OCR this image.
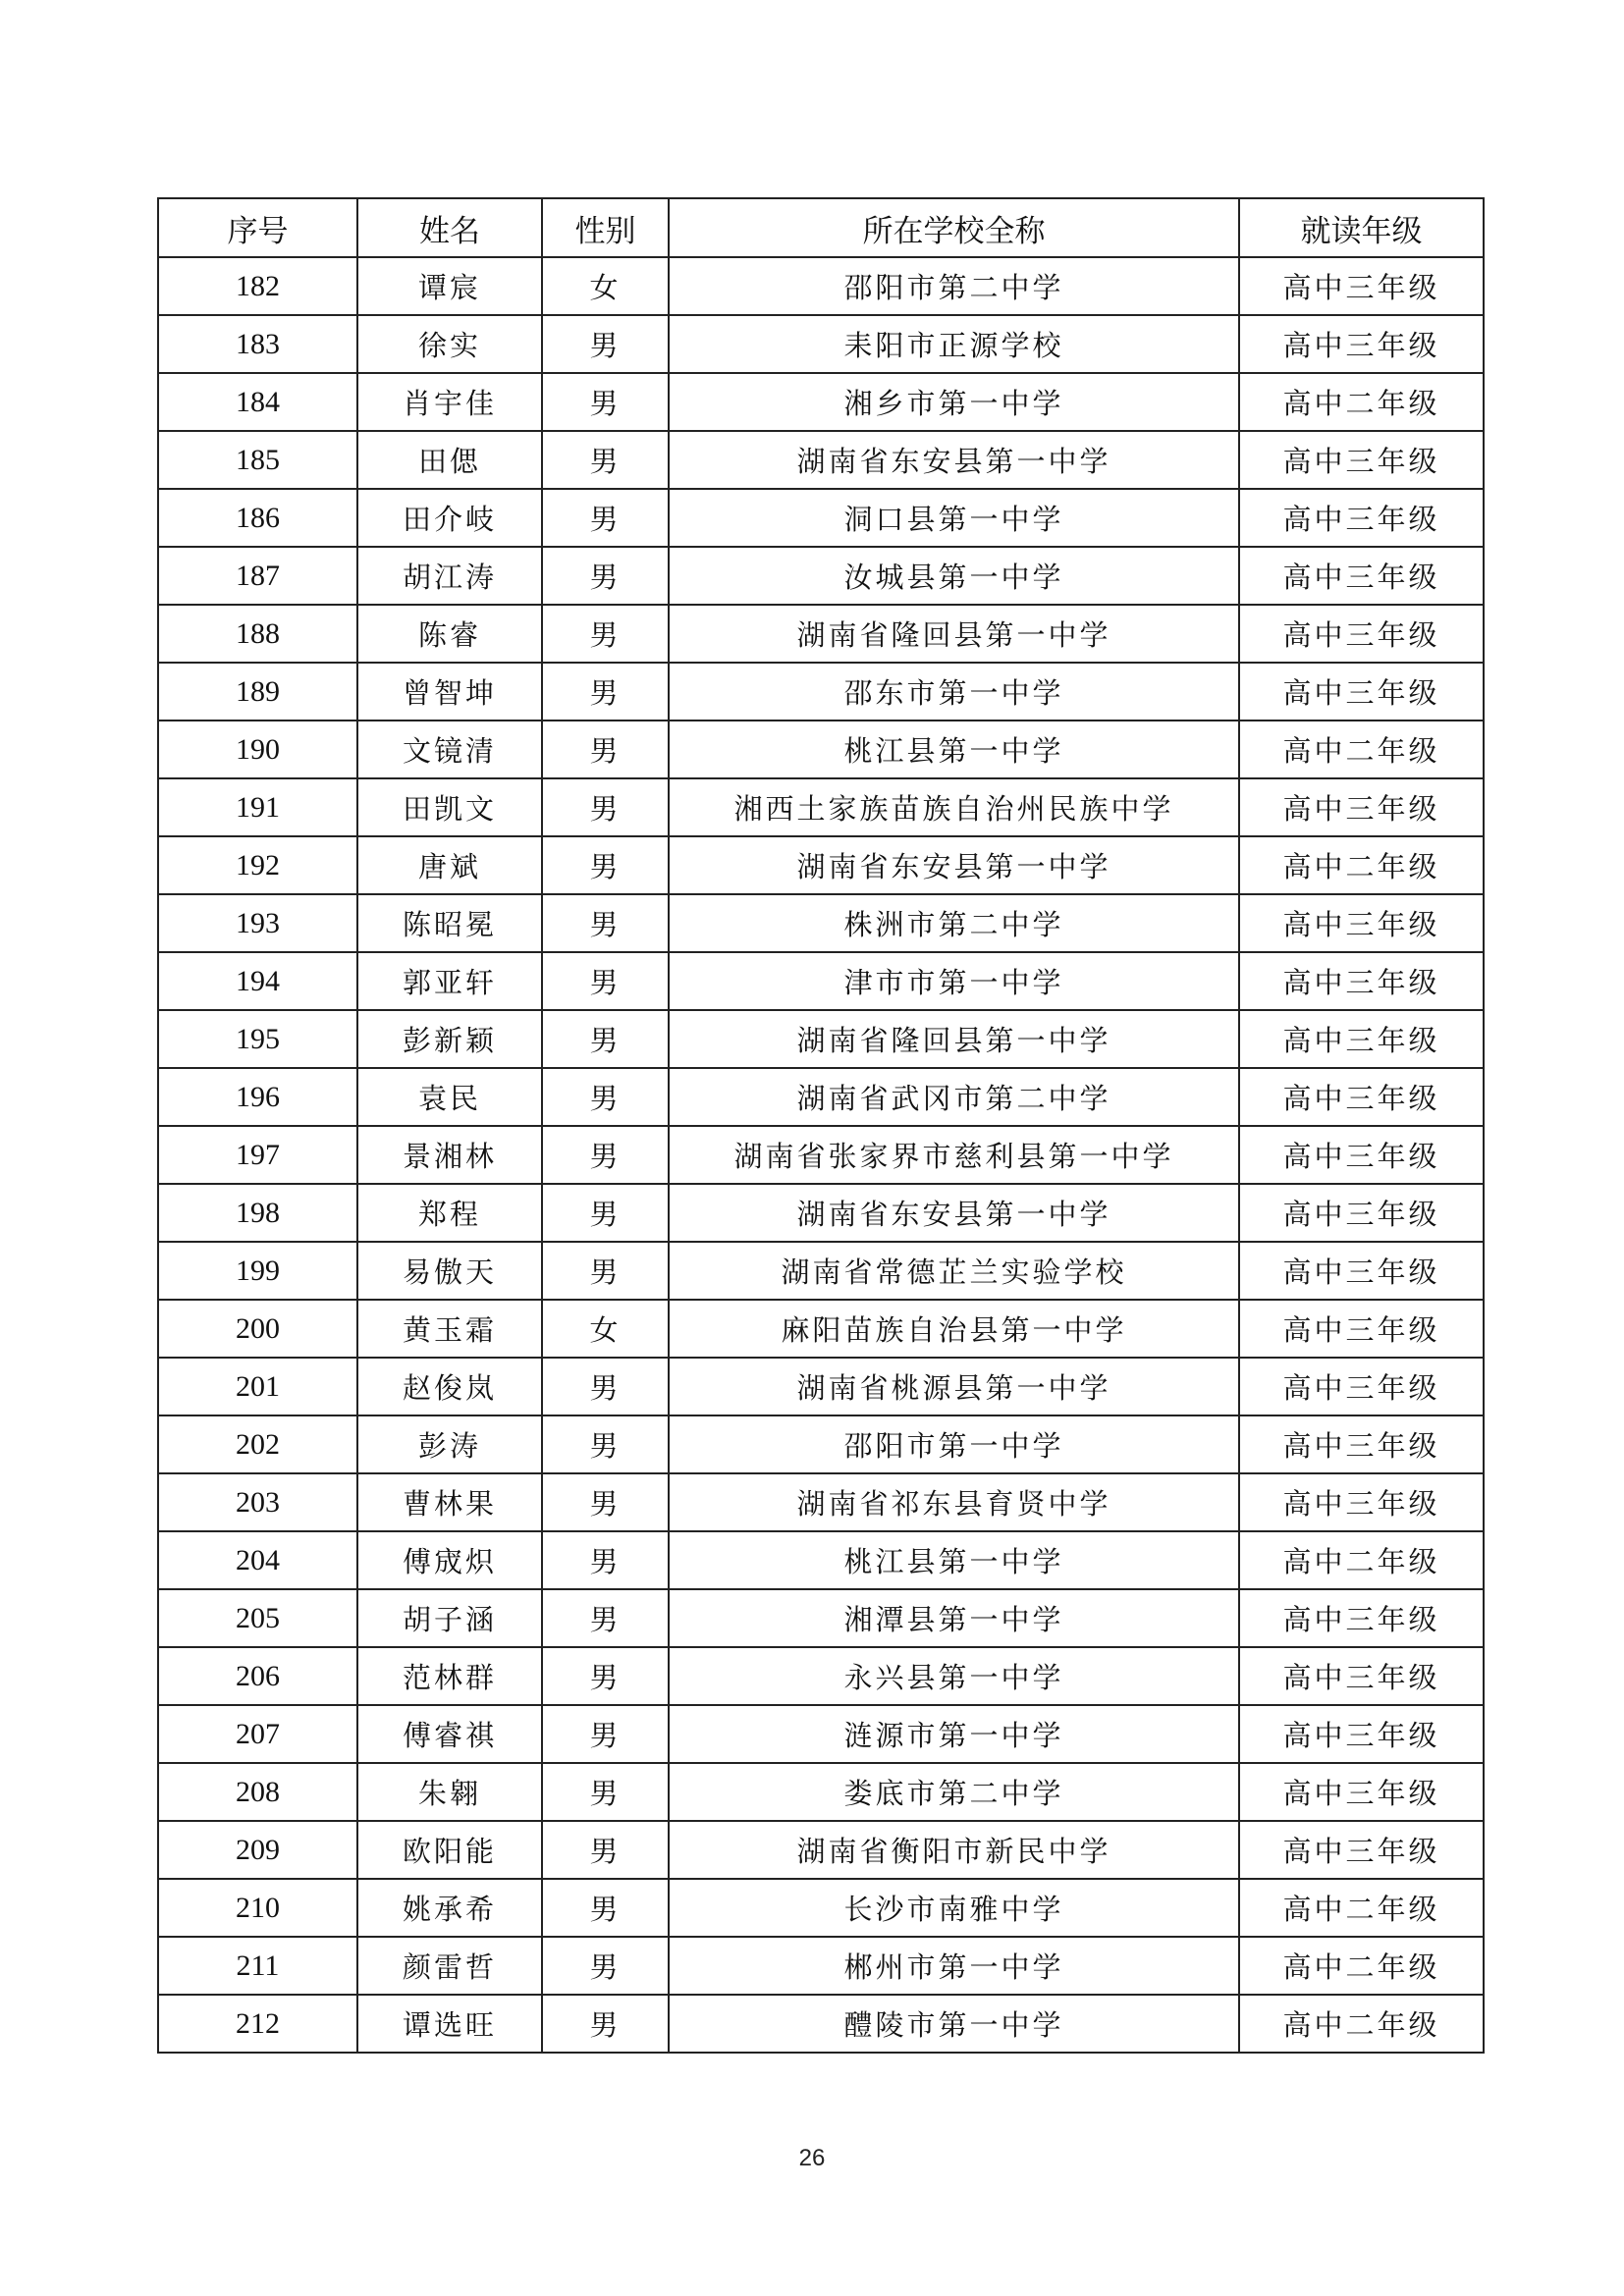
序号	姓名	性别	所在学校全称	就读年级
182	谭宸	女	邵阳市第二中学	高中三年级
183	徐实	男	耒阳市正源学校	高中三年级
184	肖宇佳	男	湘乡市第一中学	高中二年级
185	田偲	男	湖南省东安县第一中学	高中三年级
186	田介岐	男	洞口县第一中学	高中三年级
187	胡江涛	男	汝城县第一中学	高中三年级
188	陈睿	男	湖南省隆回县第一中学	高中三年级
189	曾智坤	男	邵东市第一中学	高中三年级
190	文镜清	男	桃江县第一中学	高中二年级
191	田凯文	男	湘西土家族苗族自治州民族中学	高中三年级
192	唐斌	男	湖南省东安县第一中学	高中二年级
193	陈昭冕	男	株洲市第二中学	高中三年级
194	郭亚轩	男	津市市第一中学	高中三年级
195	彭新颖	男	湖南省隆回县第一中学	高中三年级
196	袁民	男	湖南省武冈市第二中学	高中三年级
197	景湘林	男	湖南省张家界市慈利县第一中学	高中三年级
198	郑程	男	湖南省东安县第一中学	高中三年级
199	易傲天	男	湖南省常德芷兰实验学校	高中三年级
200	黄玉霜	女	麻阳苗族自治县第一中学	高中三年级
201	赵俊岚	男	湖南省桃源县第一中学	高中三年级
202	彭涛	男	邵阳市第一中学	高中三年级
203	曹林果	男	湖南省祁东县育贤中学	高中三年级
204	傅宬炽	男	桃江县第一中学	高中二年级
205	胡子涵	男	湘潭县第一中学	高中三年级
206	范林群	男	永兴县第一中学	高中三年级
207	傅睿祺	男	涟源市第一中学	高中三年级
208	朱翱	男	娄底市第二中学	高中三年级
209	欧阳能	男	湖南省衡阳市新民中学	高中三年级
210	姚承希	男	长沙市南雅中学	高中二年级
211	颜雷哲	男	郴州市第一中学	高中二年级
212	谭选旺	男	醴陵市第一中学	高中二年级
26
